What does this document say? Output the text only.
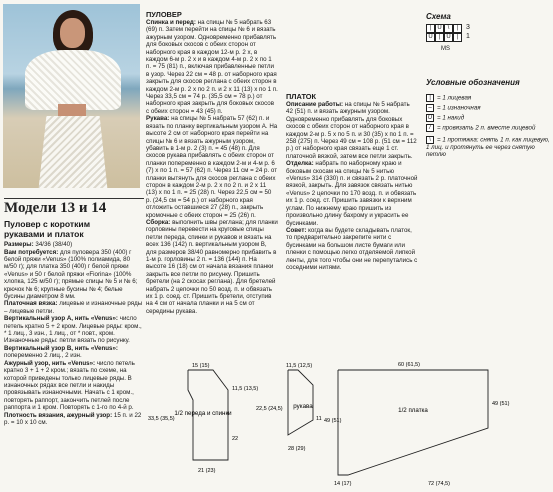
Модели 13 и 14
Пуловер с коротким
рукавами и платок

Размеры: 34/36 (38/40)

Вам потребуется: для пуловера 350 (400) г белой пряжи «Venus» (100% полиамида, 80 м/50 г); для платка 350 (400) г белой пряжи «Venus» и 50 г белой пряжи «Fiorina» (100% хлопка, 125 м/50 г); прямые спицы № 5 и № 6; крючок № 6; крупные бусины № 4; белые бусины диаметром 8 мм.

Платочная вязка: лицевые и изнаночные ряды – лицевые петли.

Вертикальный узор А, нить «Venus»: число петель кратно 5 + 2 кром. Лицевые ряды: кром., * 1 лиц., 3 изн., 1 лиц., от * повт., кром. Изнаночные ряды: петли вязать по рисунку.

Вертикальный узор В, нить «Venus»: попеременно 2 лиц., 2 изн.

Ажурный узор, нить «Venus»: число петель кратно 3 + 1 + 2 кром.; вязать по схеме, на которой приведены только лицевые ряды. В изнаночных рядах все петли и накиды провязывать изнаночными. Начать с 1 кром., повторять раппорт, закончить петлей после раппорта и 1 кром. Повторять с 1-го по 4-й р.

Плотность вязания, ажурный узор: 15 п. и 22 р. = 10 х 10 см.

ПУЛОВЕР

Спинка и перед: на спицы № 5 набрать 63 (69) п. Затем перейти на спицы № 6 и вязать ажурным узором. Одновременно прибавлять для боковых скосов с обеих сторон от наборного края в каждом 12-м р. 2 х, в каждом 6-м р. 2 х и в каждом 4-м р. 2 х по 1 п. = 75 (81) п., включая прибавленные петли в узор. Через 22 см = 48 р. от наборного края закрыть для скосов реглана с обеих сторон в каждом 2-м р. 2 х по 2 п. и 2 х 11 (13) х по 1 п. Через 33,5 см = 74 р. (35,5 см = 78 р.) от наборного края закрыть для боковых скосов с обеих сторон = 43 (45) п.

Рукава: на спицы № 5 набрать 57 (62) п. и вязать по планку вертикальным узором А. На высоте 2 см от наборного края перейти на спицы № 6 и вязать ажурным узором, убавить в 1-м р. 2 (3) п. = 45 (48) п. Для скосов рукава прибавлять с обеих сторон от планки попеременно в каждом 2-м и 4-м р. 6 (7) х по 1 п. = 57 (62) п. Через 11 см = 24 р. от планки вытянуть для скосов реглана с обеих сторон в каждом 2-м р. 2 х по 2 п. и 2 х 11 (13) х по 1 п. = 25 (28) п. Через 22,5 см = 50 р. (24,5 см = 54 р.) от наборного края отложить оставшиеся 27 (28) п., закрыть кромочные с обеих сторон = 25 (26) п.

Сборка: выполнить швы реглана; для планки горловины перевести на круговые спицы петли переда, спинки и рукавов и вязать на всех 136 (142) п. вертикальным узором В, для размеров 38/40 равномерно прибавить в 1-м р. горловины 2 п. = 136 (144) п. На высоте 16 (18) см от начала вязания планки закрыть все петли по рисунку. Пришить бретели (на 2 скосах реглана). Для бретелей набрать 2 цепочки по 50 возд. п. и обвязать их 1 р. соед. ст. Пришить бретели, отступив на 4 см от начала планки и на 5 см от середины рукава.

ПЛАТОК

Описание работы: на спицы № 5 набрать 42 (51) п. и вязать ажурным узором. Одновременно прибавлять для боковых скосов с обеих сторон от наборного края в каждом 2-м р. 5 х по 5 п. и 30 (35) х по 1 п. = 258 (275) п. Через 49 см = 108 р. (51 см = 112 р.) от наборного края связать еще 1 ст. платочной вязкой, затем все петли закрыть.

Отделка: набрать по наборному краю и боковым скосам на спицы № 5 нитью «Venus» 314 (330) п. и связать 2 р. платочной вязкой, закрыть. Для завязок связать нитью «Venus» 2 цепочки по 170 возд. п. и обвязать их 1 р. соед. ст. Пришить завязки к верхним углам. По нижнему краю пришить из произвольно длину бахрому и украсить ее бусинками.

Совет: когда вы будете складывать платок, то предварительно закрепите нити с бусинками на большом листе бумаги или пленки с помощью легко отделяемой липкой ленты, для того чтобы они не перепутались с соседними нитями.

Схема
|	U \	|
U	|	U	|
3
1
MS
Условные обозначения
| = 1 лицевая
– = 1 изнаночная
U = 1 накид
/ = провязать 2 п. вместе лицевой
\ = 1 протяжка: снять 1 п. как лицевую, 1 лиц. и протянуть ее через снятую петлю
1/2 переда и спинки
15 (15)
33,5 (35,5)
11,5 (13,5)
22
21 (23)
рукава
11,5 (12,5)
22,5 (24,5)
11
28 (29)
1/2 платка
60 (61,5)
49 (51)
49 (51)
14 (17)	72 (74,5)
